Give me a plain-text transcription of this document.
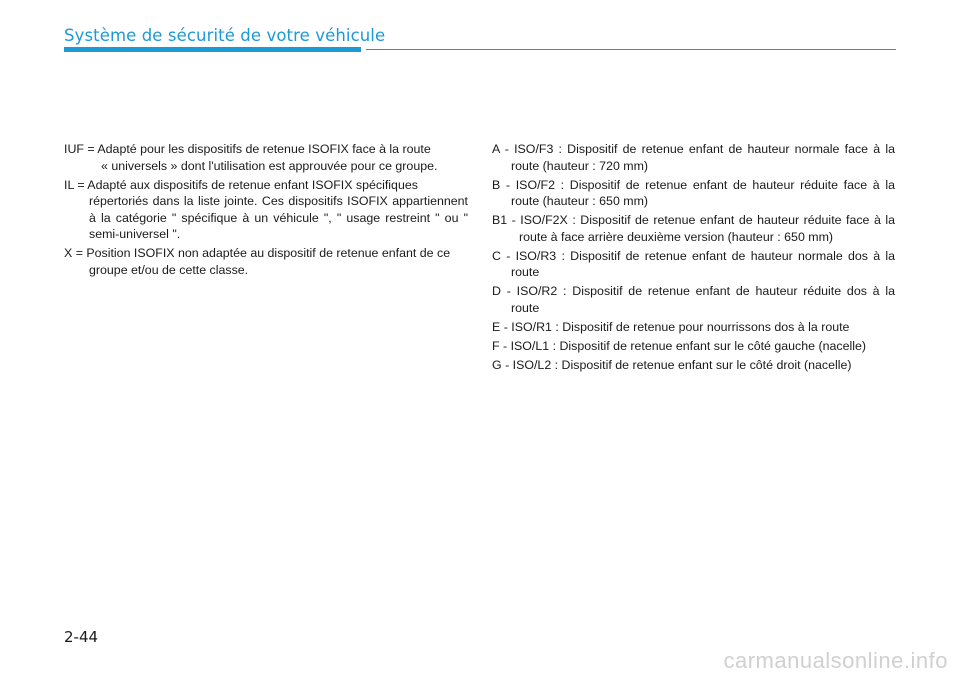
Système de sécurité de votre véhicule
IUF = Adapté pour les dispositifs de retenue ISOFIX face à la route
« universels » dont l'utilisation est approuvée pour ce groupe.
IL = Adapté aux dispositifs de retenue enfant ISOFIX spécifiques
répertoriés dans la liste jointe. Ces dispositifs ISOFIX appartiennent à la catégorie " spécifique à un véhicule ", " usage restreint " ou " semi-universel ".
X = Position ISOFIX non adaptée au dispositif de retenue enfant de ce
groupe et/ou de cette classe.
A - ISO/F3 : Dispositif de retenue enfant de hauteur normale face à la route (hauteur : 720 mm)
B - ISO/F2 : Dispositif de retenue enfant de hauteur réduite face à la route (hauteur : 650 mm)
B1 - ISO/F2X : Dispositif de retenue enfant de hauteur réduite face à la route à face arrière deuxième version (hauteur : 650 mm)
C - ISO/R3 : Dispositif de retenue enfant de hauteur normale dos à la route
D - ISO/R2 : Dispositif de retenue enfant de hauteur réduite dos à la route
E - ISO/R1 : Dispositif de retenue pour nourrissons dos à la route
F - ISO/L1 : Dispositif de retenue enfant sur le côté gauche (nacelle)
G - ISO/L2 : Dispositif de retenue enfant sur le côté droit (nacelle)
2-44
carmanualsonline.info
